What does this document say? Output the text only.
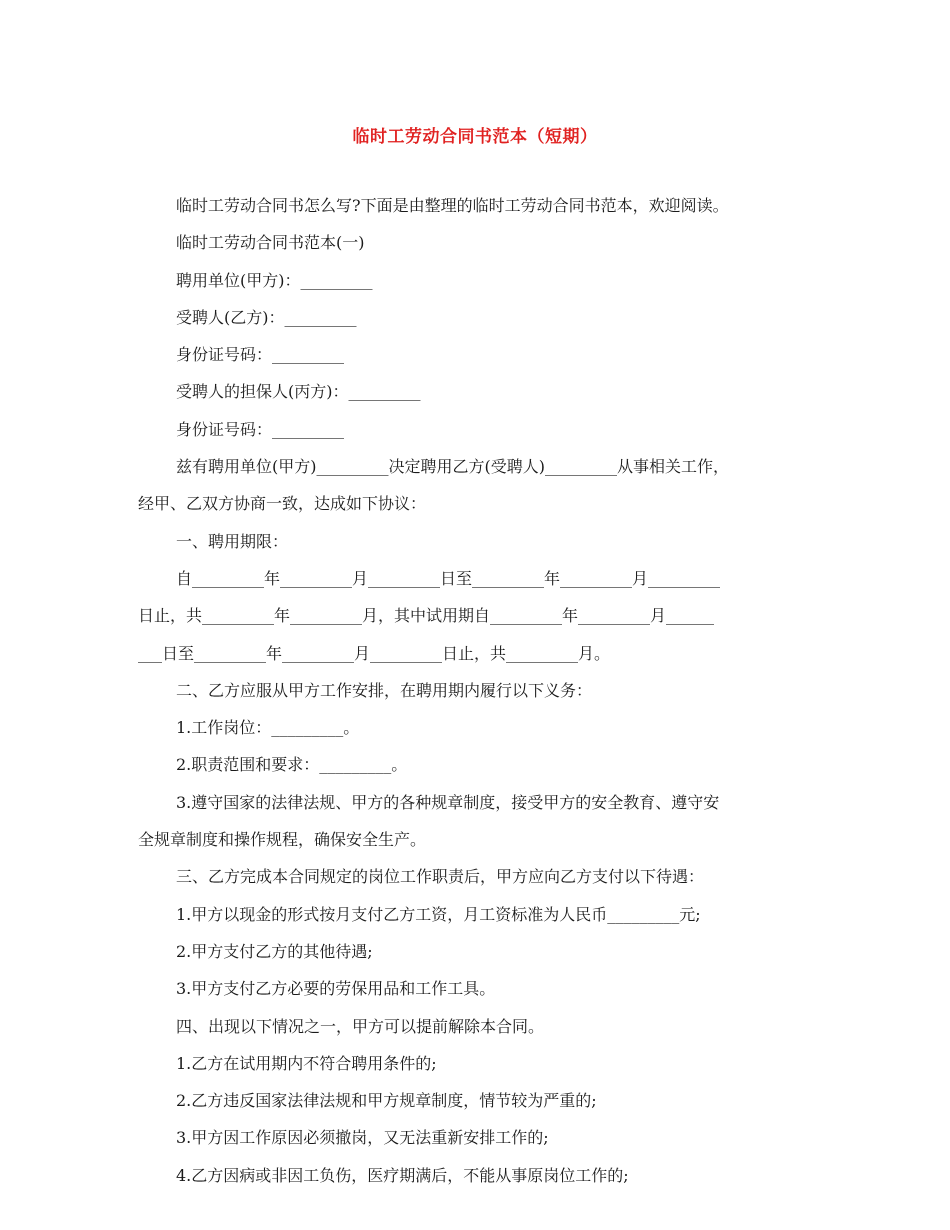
临时工劳动合同书范本（短期）
临时工劳动合同书怎么写?下面是由整理的临时工劳动合同书范本，欢迎阅读。
临时工劳动合同书范本(一)
聘用单位(甲方)：_________
受聘人(乙方)：_________
身份证号码：_________
受聘人的担保人(丙方)：_________
身份证号码：_________
兹有聘用单位(甲方)_________决定聘用乙方(受聘人)_________从事相关工作，
经甲、乙双方协商一致，达成如下协议：
一、聘用期限：
自_________年_________月_________日至_________年_________月_________
日止，共_________年_________月，其中试用期自_________年_________月______
___日至_________年_________月_________日止，共_________月。
二、乙方应服从甲方工作安排，在聘用期内履行以下义务：
1.工作岗位：_________。
2.职责范围和要求：_________。
3.遵守国家的法律法规、甲方的各种规章制度，接受甲方的安全教育、遵守安
全规章制度和操作规程，确保安全生产。
三、乙方完成本合同规定的岗位工作职责后，甲方应向乙方支付以下待遇：
1.甲方以现金的形式按月支付乙方工资，月工资标准为人民币_________元;
2.甲方支付乙方的其他待遇;
3.甲方支付乙方必要的劳保用品和工作工具。
四、出现以下情况之一，甲方可以提前解除本合同。
1.乙方在试用期内不符合聘用条件的;
2.乙方违反国家法律法规和甲方规章制度，情节较为严重的;
3.甲方因工作原因必须撤岗，又无法重新安排工作的;
4.乙方因病或非因工负伤，医疗期满后，不能从事原岗位工作的;
